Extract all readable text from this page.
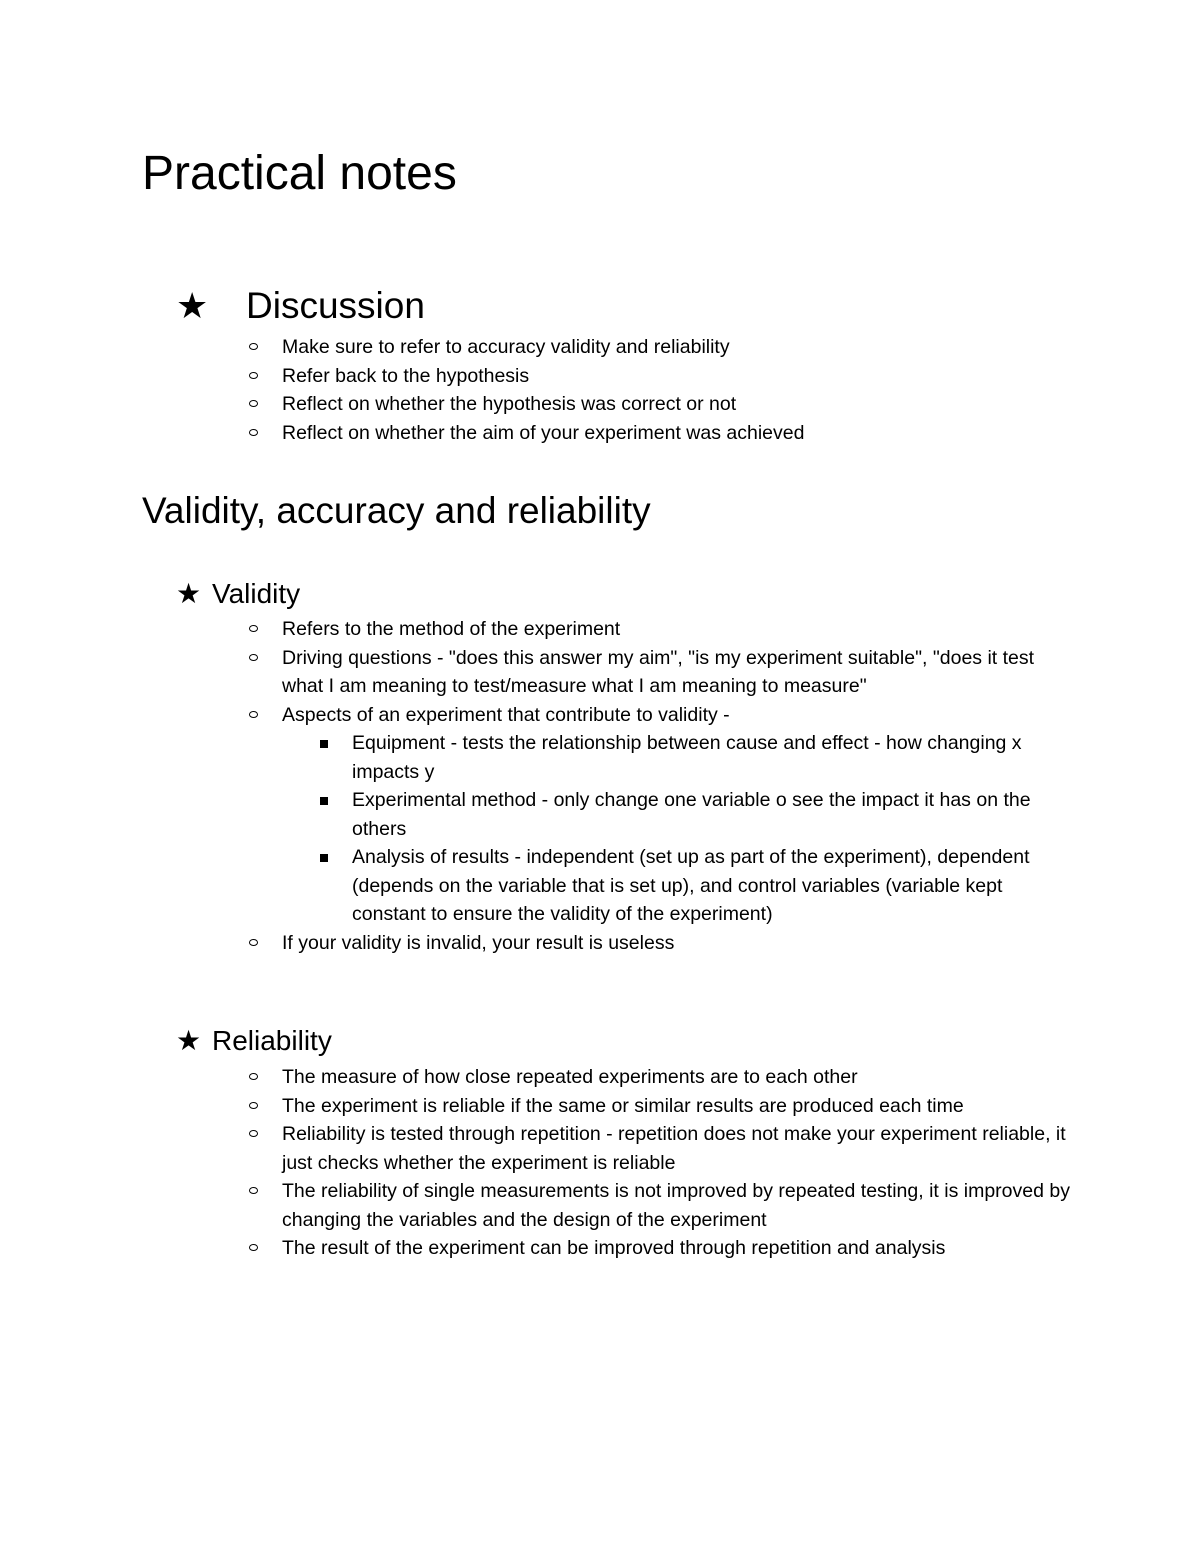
Practical notes
★	Discussion
Make sure to refer to accuracy validity and reliability
Refer back to the hypothesis
Reflect on whether the hypothesis was correct or not
Reflect on whether the aim of your experiment was achieved
Validity, accuracy and reliability
★ Validity
Refers to the method of the experiment
Driving questions - "does this answer my aim", "is my experiment suitable", "does it test what I am meaning to test/measure what I am meaning to measure"
Aspects of an experiment that contribute to validity -
Equipment - tests the relationship between cause and effect - how changing x impacts y
Experimental method - only change one variable o see the impact it has on the others
Analysis of results - independent (set up as part of the experiment), dependent (depends on the variable that is set up), and control variables (variable kept constant to ensure the validity of the experiment)
If your validity is invalid, your result is useless
★ Reliability
The measure of how close repeated experiments are to each other
The experiment is reliable if the same or similar results are produced each time
Reliability is tested through repetition - repetition does not make your experiment reliable, it just checks whether the experiment is reliable
The reliability of single measurements is not improved by repeated testing, it is improved by changing the variables and the design of the experiment
The result of the experiment can be improved through repetition and analysis
